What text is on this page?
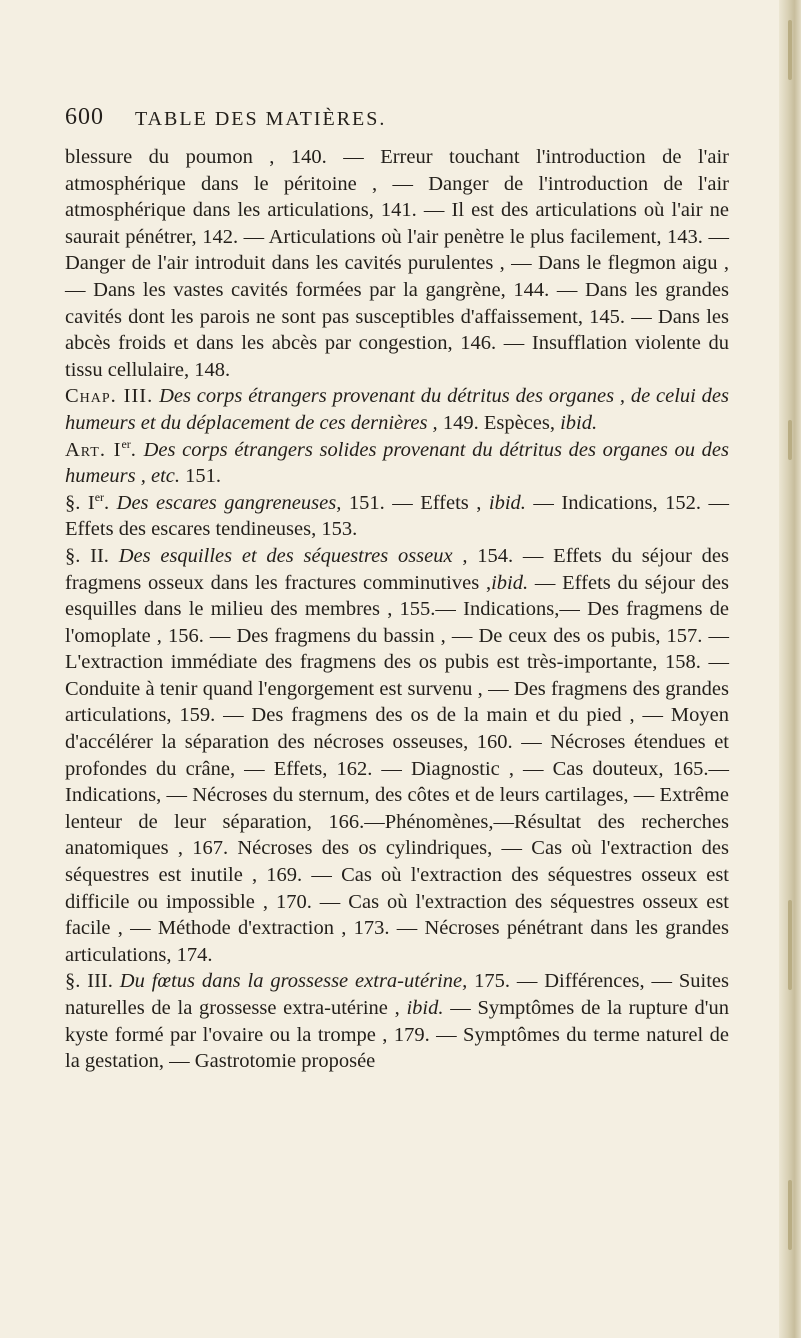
600 TABLE DES MATIÈRES.

blessure du poumon , 140. — Erreur touchant l'introduction de l'air atmosphérique dans le péritoine , — Danger de l'introduction de l'air atmosphérique dans les articulations, 141. — Il est des articulations où l'air ne saurait pénétrer, 142. — Articulations où l'air penètre le plus facilement, 143. — Danger de l'air introduit dans les cavités purulentes , — Dans le flegmon aigu , — Dans les vastes cavités formées par la gangrène, 144. — Dans les grandes cavités dont les parois ne sont pas susceptibles d'affaissement, 145. — Dans les abcès froids et dans les abcès par congestion, 146. — Insufflation violente du tissu cellulaire, 148.

Chap. III. Des corps étrangers provenant du détritus des organes , de celui des humeurs et du déplacement de ces dernières , 149. Espèces, ibid.

Art. Ier. Des corps étrangers solides provenant du détritus des organes ou des humeurs , etc. 151.

§. Ier. Des escares gangreneuses, 151. — Effets , ibid. — Indications, 152. — Effets des escares tendineuses, 153.

§. II. Des esquilles et des séquestres osseux , 154. — Effets du séjour des fragmens osseux dans les fractures comminutives ,ibid. — Effets du séjour des esquilles dans le milieu des membres , 155.— Indications,— Des fragmens de l'omoplate , 156. — Des fragmens du bassin , — De ceux des os pubis, 157. — L'extraction immédiate des fragmens des os pubis est très-importante, 158. — Conduite à tenir quand l'engorgement est survenu , — Des fragmens des grandes articulations, 159. — Des fragmens des os de la main et du pied , — Moyen d'accélérer la séparation des nécroses osseuses, 160. — Nécroses étendues et profondes du crâne, — Effets, 162. — Diagnostic , — Cas douteux, 165.— Indications, — Nécroses du sternum, des côtes et de leurs cartilages, — Extrême lenteur de leur séparation, 166.—Phénomènes,—Résultat des recherches anatomiques , 167. Nécroses des os cylindriques, — Cas où l'extraction des séquestres est inutile , 169. — Cas où l'extraction des séquestres osseux est difficile ou impossible , 170. — Cas où l'extraction des séquestres osseux est facile , — Méthode d'extraction , 173. — Nécroses pénétrant dans les grandes articulations, 174.

§. III. Du fœtus dans la grossesse extra-utérine, 175. — Différences, — Suites naturelles de la grossesse extra-utérine , ibid. — Symptômes de la rupture d'un kyste formé par l'ovaire ou la trompe , 179. — Symptômes du terme naturel de la gestation, — Gastrotomie proposée
